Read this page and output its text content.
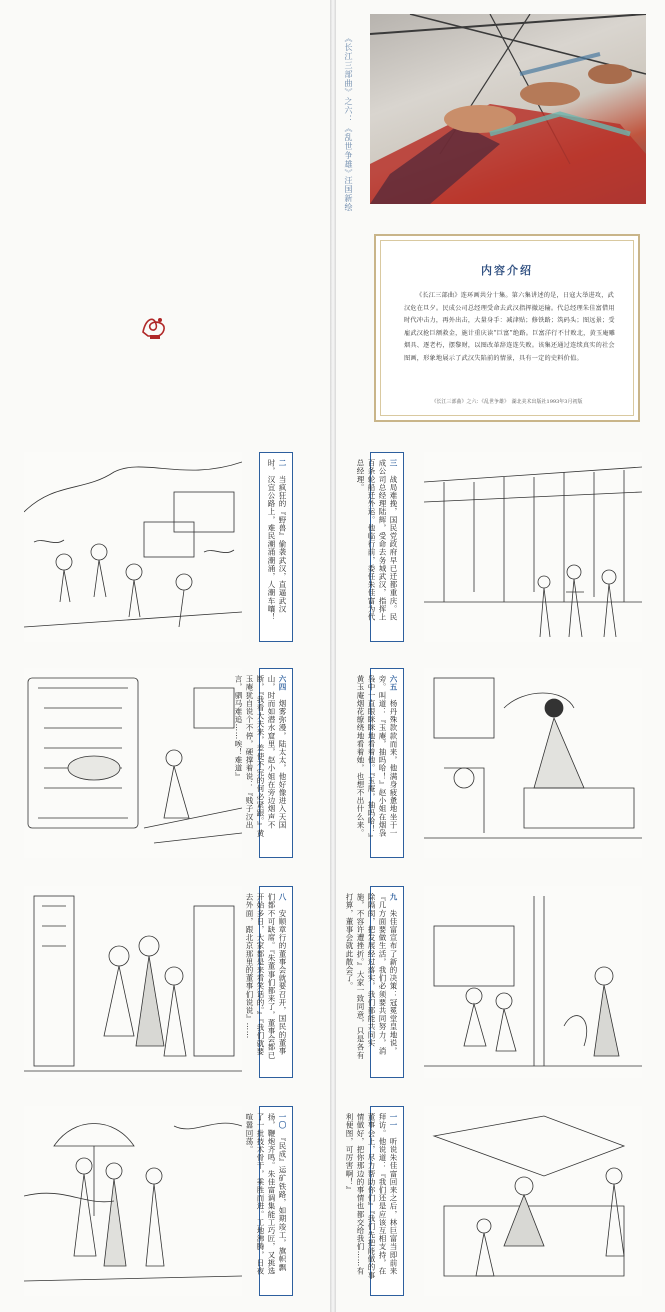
《长江三部曲》之六：《乱世争雄》
汪国新绘
内容介绍
《长江三部曲》连环画共分十集。第六集讲述的是，日寇大举进攻，武汉危在旦夕。民成公司总经理受命去武汉指挥撤运输。代总经理朱佳富借用时代冲击力，再外出击，大量身手：减津贴；修铁路；筑码头；图远景；受雇武汉抢巨额救金，施计重庆读“巨富”绝路。巨富洋行不甘败北，黄玉庵雕烟具、逐老朽，摆黎财，以图改革辞连连失败。该集还通过连续真实的社会图画，形象地展示了武汉失陷前的情景，具有一定的史料价值。
《长江三部曲》之六：《乱世争雄》　湖北美术出版社1993年3月初版
二　当疯狂的『野兽』偷袭武汉，直逼武汉时，汉宜公路上，难民潮涌潮涌，人潮车嚷！	三　战局难挽，国民党政府早已迁都重庆。民成公司总经理陆辉，受命去务城武汉，指挥上百条轮船迁外运。他临行前，委任朱佳富为代总经理。
六四　烟雾弥漫，陆太太，他好像进入天国山，时而如潜水窟里，赵小姐在旁边烟声不断，『我看大夫来，差使不完的何必紧跟。』黄玉庵犹自说个不停，硬撑着说：『贱子汉出言，驷马难追……唉！难道』	六五　杨丹殊款款而来，他满身疲惫地坐于一旁。叫道：『玉庵，抽吗哈！』赵小姐在烟袅袅中一直眼眯眯地看着他。『玉庵，抽吗哈！』黄玉庵烟花缭绕地看着她，也想不出什么来。
八　安顺章行的董事会就要召开，国民的董事们都不可缺席。『朱董事们都来了，董事会都已开始多日，大家都是来看笑话的。』『我们就要去外面，跟北京那里的董事们说说』……	九　朱佳富宣布了新的决策：冠冕堂皇地说，『几方面要做生活，我们必须要共同努力，消除隔阂，把发展经过落实，我们都能共同实施，不容许遭挫折。』大家一致同意，只是各有打算，董事会就此散会了。
一〇　『民成』运矿铁路，如期竣工，旗帜飘扬，鞭炮齐鸣。朱佳富调集能工巧匠，又挑选了一批技术骨干，乘胜而进。工地沸腾，日夜喧嚣回荡。	一一　听说朱佳富回来之后，林巨富当即前来拜访。他说道：『我们还是应该互相支持，在董事会上，尽力帮助你们』『我们先把能做的事情做好，把你那边的事情也都交给我们……有利便图，可厉害啊！』
